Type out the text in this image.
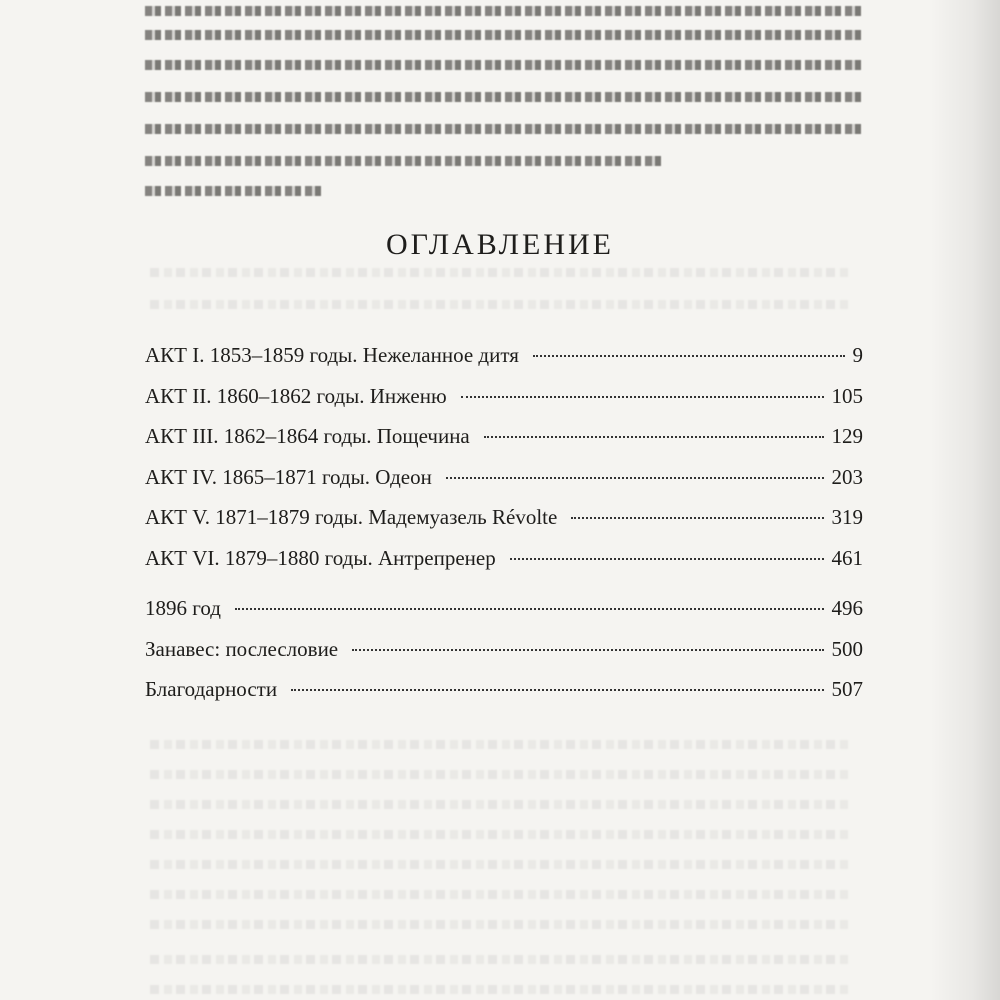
ОГЛАВЛЕНИЕ
АКТ I. 1853–1859 годы. Нежеланное дитя	9
АКТ II. 1860–1862 годы. Инженю	105
АКТ III. 1862–1864 годы. Пощечина	129
АКТ IV. 1865–1871 годы. Одеон	203
АКТ V. 1871–1879 годы. Мадемуазель Révolte	319
АКТ VI. 1879–1880 годы. Антрепренер	461
1896 год	496
Занавес: послесловие	500
Благодарности	507
